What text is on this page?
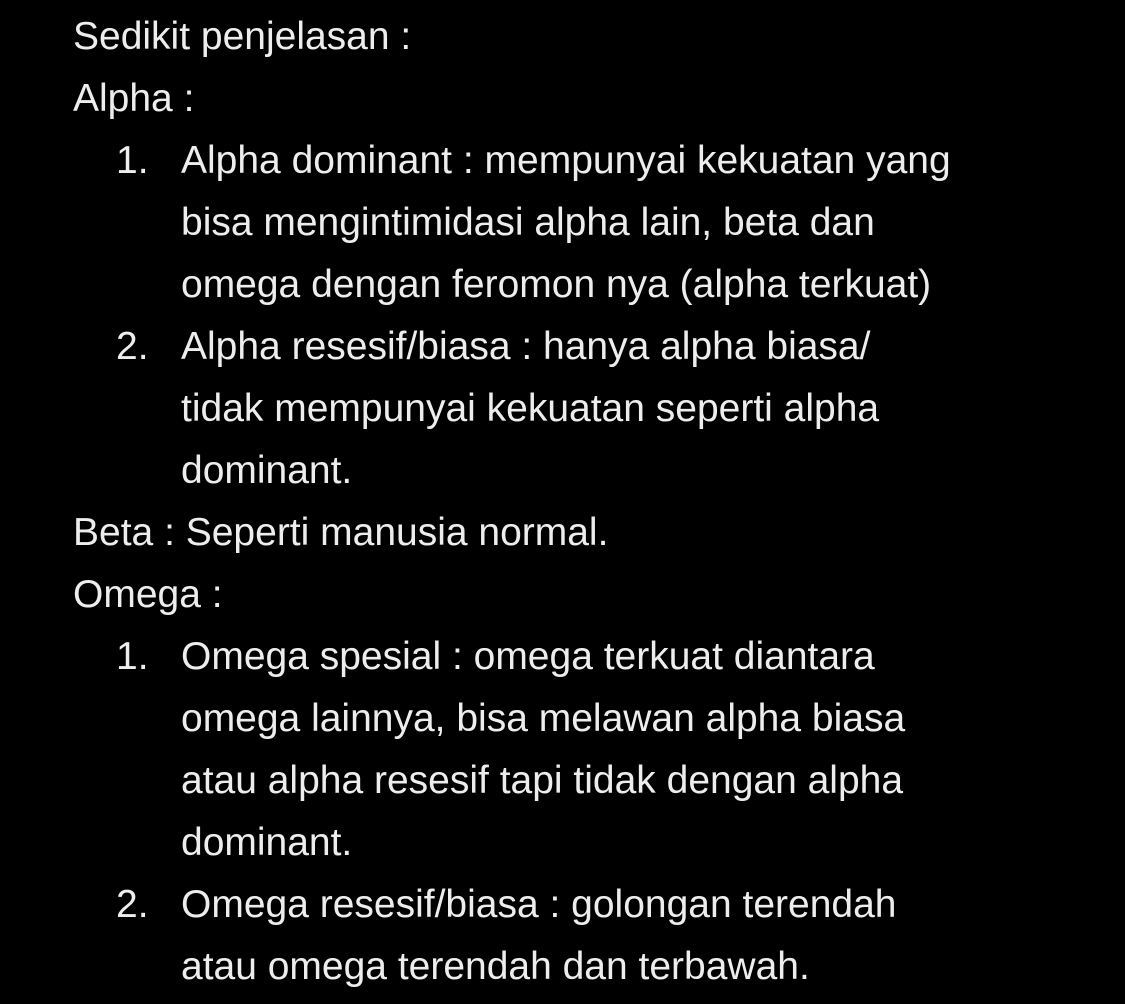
Sedikit penjelasan :
Alpha :
1. Alpha dominant : mempunyai kekuatan yang
bisa mengintimidasi alpha lain, beta dan
omega dengan feromon nya (alpha terkuat)
2. Alpha resesif/biasa : hanya alpha biasa/
tidak mempunyai kekuatan seperti alpha
dominant.
Beta : Seperti manusia normal.
Omega :
1. Omega spesial : omega terkuat diantara
omega lainnya, bisa melawan alpha biasa
atau alpha resesif tapi tidak dengan alpha
dominant.
2. Omega resesif/biasa : golongan terendah
atau omega terendah dan terbawah.
